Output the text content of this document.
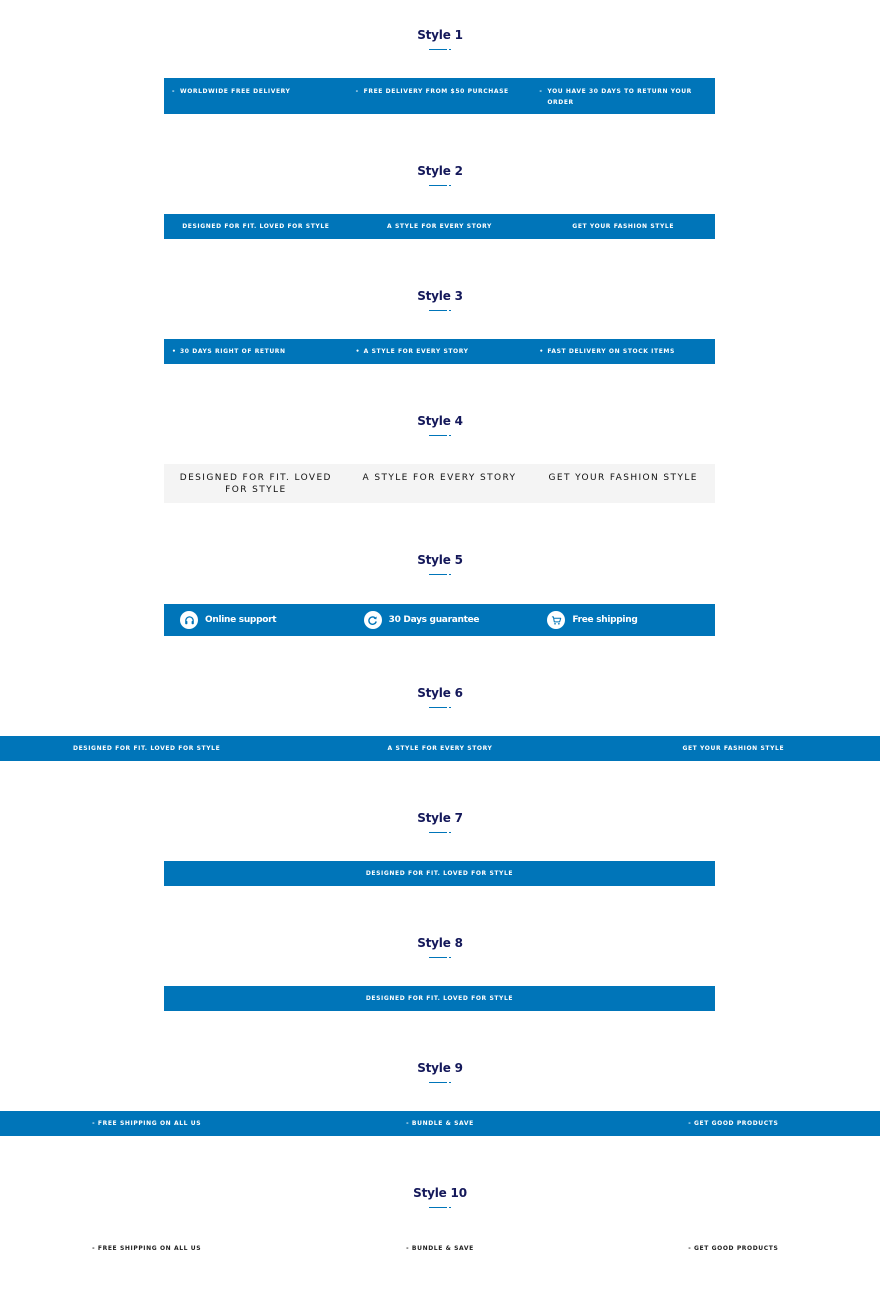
Style 1
- WORLDWIDE FREE DELIVERY	- FREE DELIVERY FROM $50 PURCHASE	- YOU HAVE 30 DAYS TO RETURN YOUR ORDER
Style 2
DESIGNED FOR FIT. LOVED FOR STYLE	A STYLE FOR EVERY STORY	GET YOUR FASHION STYLE
Style 3
• 30 DAYS RIGHT OF RETURN	• A STYLE FOR EVERY STORY	• FAST DELIVERY ON STOCK ITEMS
Style 4
DESIGNED FOR FIT. LOVED FOR STYLE
A STYLE FOR EVERY STORY	GET YOUR FASHION STYLE
Style 5
Online support	30 Days guarantee	Free shipping
Style 6
DESIGNED FOR FIT. LOVED FOR STYLE	A STYLE FOR EVERY STORY	GET YOUR FASHION STYLE
Style 7
DESIGNED FOR FIT. LOVED FOR STYLE
Style 8
DESIGNED FOR FIT. LOVED FOR STYLE
Style 9
- FREE SHIPPING ON ALL US	- BUNDLE & SAVE	- GET GOOD PRODUCTS
Style 10
- FREE SHIPPING ON ALL US	- BUNDLE & SAVE	- GET GOOD PRODUCTS
